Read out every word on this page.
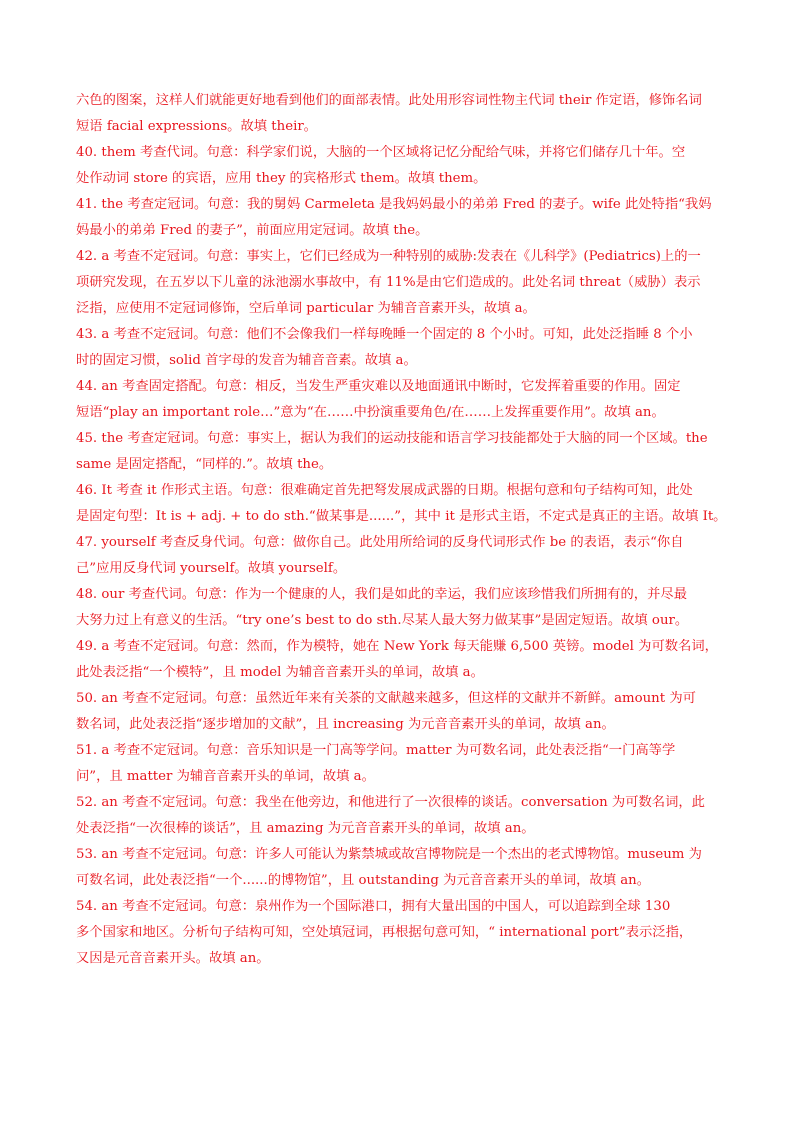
六色的图案，这样人们就能更好地看到他们的面部表情。此处用形容词性物主代词 their 作定语，修饰名词
短语 facial expressions。故填 their。
40. them 考查代词。句意：科学家们说，大脑的一个区域将记忆分配给气味，并将它们储存几十年。空
处作动词 store 的宾语，应用 they 的宾格形式 them。故填 them。
41. the 考查定冠词。句意：我的舅妈 Carmeleta 是我妈妈最小的弟弟 Fred 的妻子。wife 此处特指“我妈
妈最小的弟弟 Fred 的妻子”，前面应用定冠词。故填 the。
42. a 考查不定冠词。句意：事实上，它们已经成为一种特别的威胁:发表在《儿科学》(Pediatrics)上的一
项研究发现，在五岁以下儿童的泳池溺水事故中，有 11%是由它们造成的。此处名词 threat（威胁）表示
泛指，应使用不定冠词修饰，空后单词 particular 为辅音音素开头，故填 a。
43. a 考查不定冠词。句意：他们不会像我们一样每晚睡一个固定的 8 个小时。可知，此处泛指睡 8 个小
时的固定习惯，solid 首字母的发音为辅音音素。故填 a。
44. an 考查固定搭配。句意：相反，当发生严重灾难以及地面通讯中断时，它发挥着重要的作用。固定
短语“play an important role…”意为“在……中扮演重要角色/在……上发挥重要作用”。故填 an。
45. the 考查定冠词。句意：事实上，据认为我们的运动技能和语言学习技能都处于大脑的同一个区域。the
same 是固定搭配，“同样的.”。故填 the。
46. It 考查 it 作形式主语。句意：很难确定首先把弩发展成武器的日期。根据句意和句子结构可知，此处
是固定句型：It is + adj. + to do sth.“做某事是......”，其中 it 是形式主语，不定式是真正的主语。故填 It。
47. yourself 考查反身代词。句意：做你自己。此处用所给词的反身代词形式作 be 的表语，表示“你自
己”应用反身代词 yourself。故填 yourself。
48. our 考查代词。句意：作为一个健康的人，我们是如此的幸运，我们应该珍惜我们所拥有的，并尽最
大努力过上有意义的生活。“try one’s best to do sth.尽某人最大努力做某事”是固定短语。故填 our。
49. a 考查不定冠词。句意：然而，作为模特，她在 New York 每天能赚 6,500 英镑。model 为可数名词，
此处表泛指“一个模特”，且 model 为辅音音素开头的单词，故填 a。
50. an 考查不定冠词。句意：虽然近年来有关茶的文献越来越多，但这样的文献并不新鲜。amount 为可
数名词，此处表泛指“逐步增加的文献”，且 increasing 为元音音素开头的单词，故填 an。
51. a 考查不定冠词。句意：音乐知识是一门高等学问。matter 为可数名词，此处表泛指“一门高等学
问”，且 matter 为辅音音素开头的单词，故填 a。
52. an 考查不定冠词。句意：我坐在他旁边，和他进行了一次很棒的谈话。conversation 为可数名词，此
处表泛指“一次很棒的谈话”，且 amazing 为元音音素开头的单词，故填 an。
53. an 考查不定冠词。句意：许多人可能认为紫禁城或故宫博物院是一个杰出的老式博物馆。museum 为
可数名词，此处表泛指“一个......的博物馆”，且 outstanding 为元音音素开头的单词，故填 an。
54. an 考查不定冠词。句意：泉州作为一个国际港口，拥有大量出国的中国人，可以追踪到全球 130
多个国家和地区。分析句子结构可知，空处填冠词，再根据句意可知，“ international port”表示泛指，
又因是元音音素开头。故填 an。
